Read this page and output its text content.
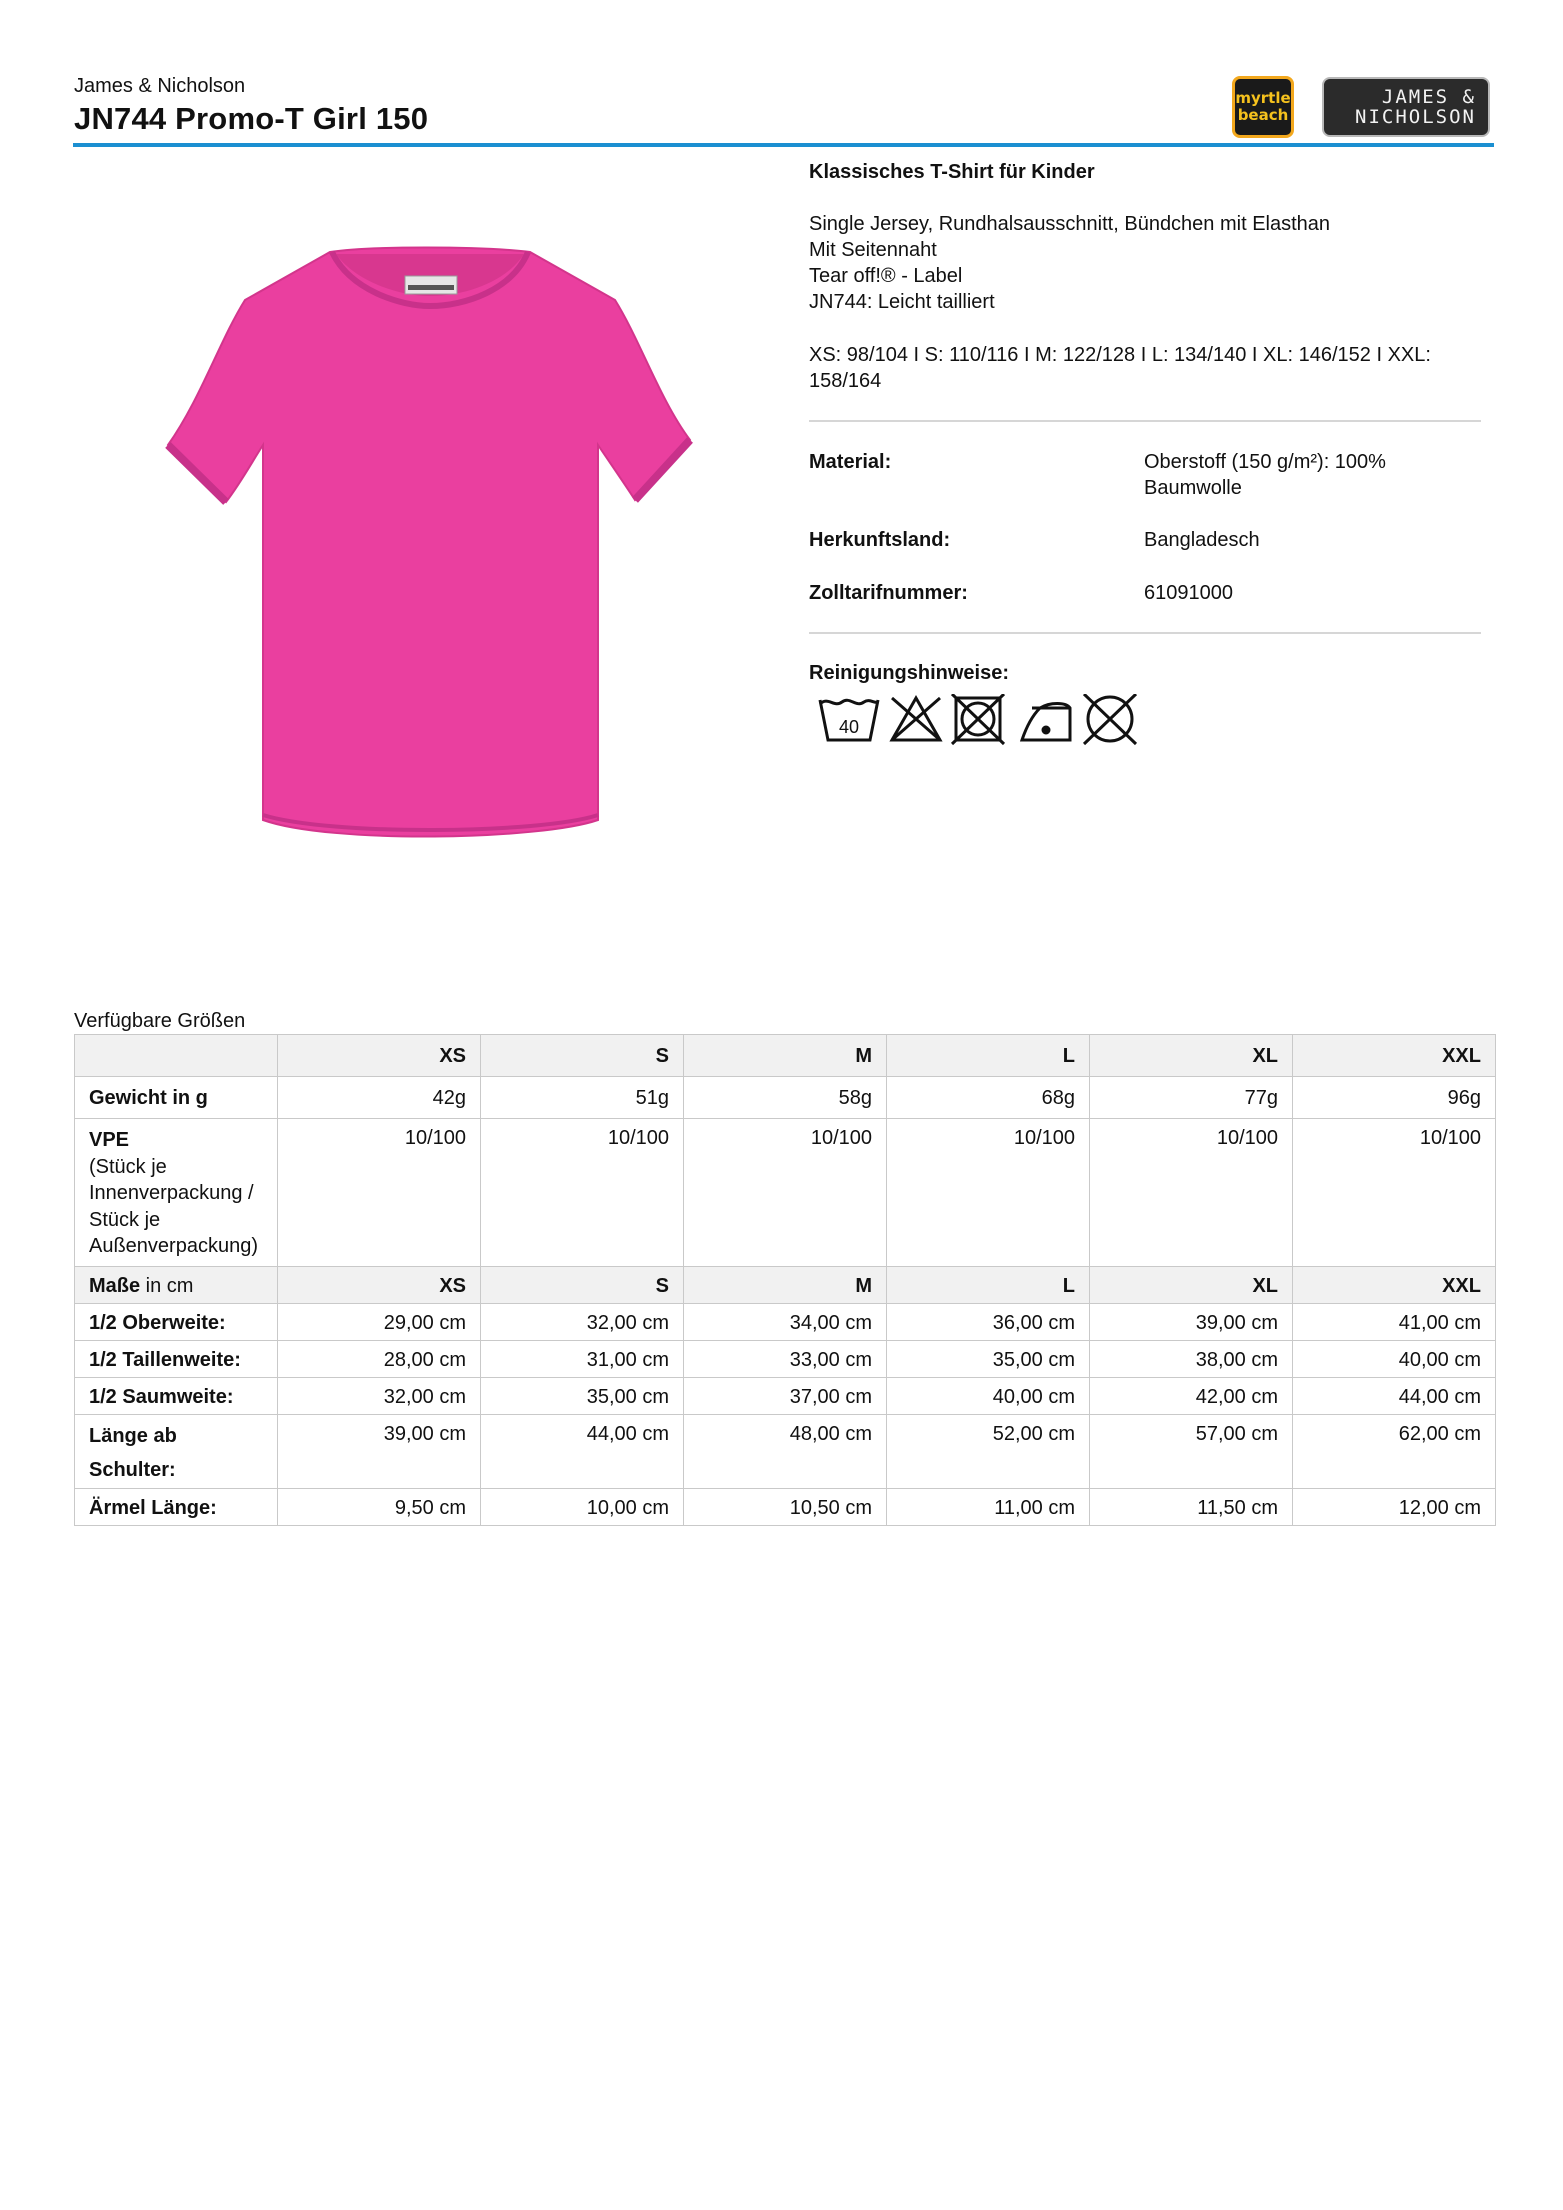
James & Nicholson
JN744 Promo-T Girl 150
myrtle
beach
JAMES &
NICHOLSON
Klassisches T-Shirt für Kinder
Single Jersey, Rundhalsausschnitt, Bündchen mit Elasthan
Mit Seitennaht
Tear off!® - Label
JN744: Leicht tailliert
XS: 98/104 I S: 110/116 I M: 122/128 I L: 134/140 I XL: 146/152 I XXL:
158/164
Material:	Oberstoff (150 g/m²): 100%
Baumwolle
Herkunftsland:	Bangladesch
Zolltarifnummer:	61091000
Reinigungshinweise:
40
Verfügbare Größen
	XS	S	M	L	XL	XXL
Gewicht in g	42g	51g	58g	68g	77g	96g

VPE
(Stück je
Innenverpackung /
Stück je
Außenverpackung)	10/100	10/100	10/100	10/100	10/100	10/100
Maße in cm	XS	S	M	L	XL	XXL
1/2 Oberweite:	29,00 cm	32,00 cm	34,00 cm	36,00 cm	39,00 cm	41,00 cm
1/2 Taillenweite:	28,00 cm	31,00 cm	33,00 cm	35,00 cm	38,00 cm	40,00 cm
1/2 Saumweite:	32,00 cm	35,00 cm	37,00 cm	40,00 cm	42,00 cm	44,00 cm

Länge ab
Schulter:	39,00 cm	44,00 cm	48,00 cm	52,00 cm	57,00 cm	62,00 cm
Ärmel Länge:	9,50 cm	10,00 cm	10,50 cm	11,00 cm	11,50 cm	12,00 cm
